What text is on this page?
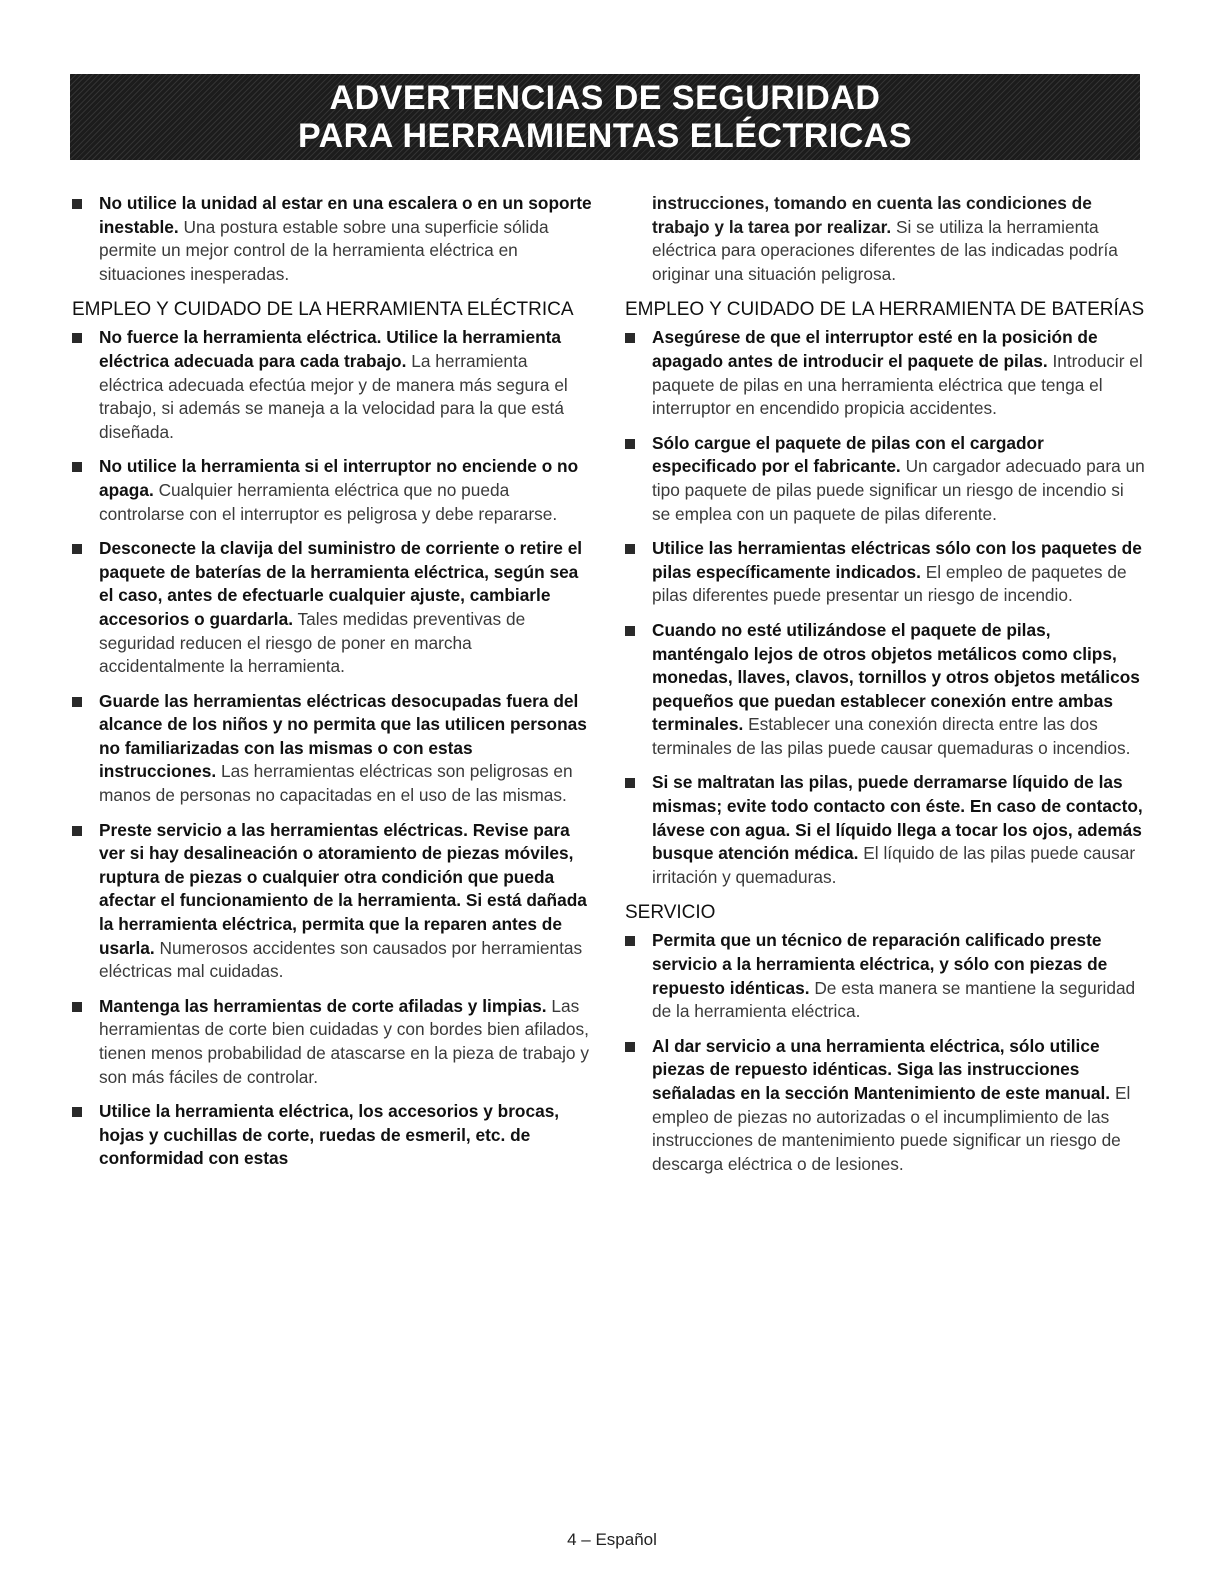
ADVERTENCIAS DE SEGURIDAD
PARA HERRAMIENTAS ELÉCTRICAS
No utilice la unidad al estar en una escalera o en un soporte inestable. Una postura estable sobre una superficie sólida permite un mejor control de la herramienta eléctrica en situaciones inesperadas.
EMPLEO Y CUIDADO DE LA HERRAMIENTA ELÉCTRICA
No fuerce la herramienta eléctrica. Utilice la herramienta eléctrica adecuada para cada trabajo. La herramienta eléctrica adecuada efectúa mejor y de manera más segura el trabajo, si además se maneja a la velocidad para la que está diseñada.
No utilice la herramienta si el interruptor no enciende o no apaga. Cualquier herramienta eléctrica que no pueda controlarse con el interruptor es peligrosa y debe repararse.
Desconecte la clavija del suministro de corriente o retire el paquete de baterías de la herramienta eléctrica, según sea el caso, antes de efectuarle cualquier ajuste, cambiarle accesorios o guardarla. Tales medidas preventivas de seguridad reducen el riesgo de poner en marcha accidentalmente la herramienta.
Guarde las herramientas eléctricas desocupadas fuera del alcance de los niños y no permita que las utilicen personas no familiarizadas con las mismas o con estas instrucciones. Las herramientas eléctricas son peligrosas en manos de personas no capacitadas en el uso de las mismas.
Preste servicio a las herramientas eléctricas. Revise para ver si hay desalineación o atoramiento de piezas móviles, ruptura de piezas o cualquier otra condición que pueda afectar el funcionamiento de la herramienta. Si está dañada la herramienta eléctrica, permita que la reparen antes de usarla. Numerosos accidentes son causados por herramientas eléctricas mal cuidadas.
Mantenga las herramientas de corte afiladas y limpias. Las herramientas de corte bien cuidadas y con bordes bien afilados, tienen menos probabilidad de atascarse en la pieza de trabajo y son más fáciles de controlar.
Utilice la herramienta eléctrica, los accesorios y brocas, hojas y cuchillas de corte, ruedas de esmeril, etc. de conformidad con estas
instrucciones, tomando en cuenta las condiciones de trabajo y la tarea por realizar. Si se utiliza la herramienta eléctrica para operaciones diferentes de las indicadas podría originar una situación peligrosa.
EMPLEO Y CUIDADO DE LA HERRAMIENTA DE BATERÍAS
Asegúrese de que el interruptor esté en la posición de apagado antes de introducir el paquete de pilas. Introducir el paquete de pilas en una herramienta eléctrica que tenga el interruptor en encendido propicia accidentes.
Sólo cargue el paquete de pilas con el cargador especificado por el fabricante. Un cargador adecuado para un tipo paquete de pilas puede significar un riesgo de incendio si se emplea con un paquete de pilas diferente.
Utilice las herramientas eléctricas sólo con los paquetes de pilas específicamente indicados. El empleo de paquetes de pilas diferentes puede presentar un riesgo de incendio.
Cuando no esté utilizándose el paquete de pilas, manténgalo lejos de otros objetos metálicos como clips, monedas, llaves, clavos, tornillos y otros objetos metálicos pequeños que puedan establecer conexión entre ambas terminales. Establecer una conexión directa entre las dos terminales de las pilas puede causar quemaduras o incendios.
Si se maltratan las pilas, puede derramarse líquido de las mismas; evite todo contacto con éste. En caso de contacto, lávese con agua. Si el líquido llega a tocar los ojos, además busque atención médica. El líquido de las pilas puede causar irritación y quemaduras.
SERVICIO
Permita que un técnico de reparación calificado preste servicio a la herramienta eléctrica, y sólo con piezas de repuesto idénticas. De esta manera se mantiene la seguridad de la herramienta eléctrica.
Al dar servicio a una herramienta eléctrica, sólo utilice piezas de repuesto idénticas. Siga las instrucciones señaladas en la sección Mantenimiento de este manual. El empleo de piezas no autorizadas o el incumplimiento de las instrucciones de mantenimiento puede significar un riesgo de descarga eléctrica o de lesiones.
4 – Español
